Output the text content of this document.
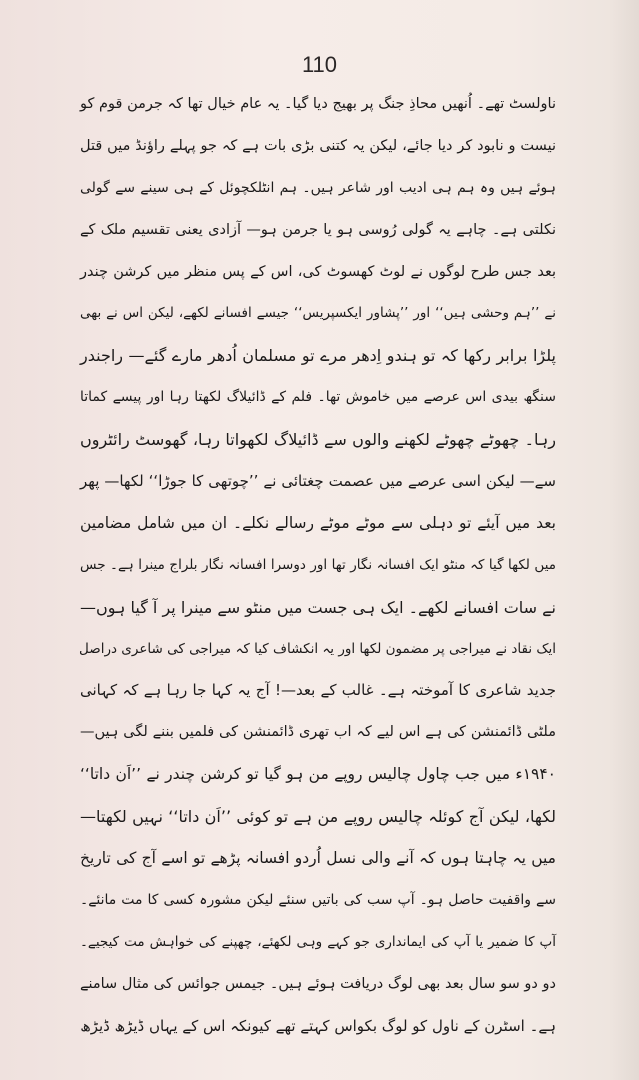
110
ناولسٹ تھے۔ اُنھیں محاذِ جنگ پر بھیج دیا گیا۔ یہ عام خیال تھا کہ جرمن قوم کو
نیست و نابود کر دیا جائے، لیکن یہ کتنی بڑی بات ہے کہ جو پہلے راؤنڈ میں قتل
ہوئے ہیں وہ ہم ہی ادیب اور شاعر ہیں۔ ہم انٹلکچوئل کے ہی سینے سے گولی
نکلتی ہے۔ چاہے یہ گولی رُوسی ہو یا جرمن ہو— آزادی یعنی تقسیم ملک کے
بعد جس طرح لوگوں نے لوٹ کھسوٹ کی، اس کے پس منظر میں کرشن چندر
نے ’’ہم وحشی ہیں‘‘ اور ’’پشاور ایکسپریس‘‘ جیسے افسانے لکھے، لیکن اس نے بھی
پلڑا برابر رکھا کہ تو ہندو اِدھر مرے تو مسلمان اُدھر مارے گئے— راجندر
سنگھ بیدی اس عرصے میں خاموش تھا۔ فلم کے ڈائیلاگ لکھتا رہا اور پیسے کماتا
رہا۔ چھوٹے چھوٹے لکھنے والوں سے ڈائیلاگ لکھواتا رہا، گھوسٹ رائٹروں
سے— لیکن اسی عرصے میں عصمت چغتائی نے ’’چوتھی کا جوڑا‘‘ لکھا— پھر
بعد میں آیئے تو دہلی سے موٹے موٹے رسالے نکلے۔ ان میں شامل مضامین
میں لکھا گیا کہ منٹو ایک افسانہ نگار تھا اور دوسرا افسانہ نگار بلراج مینرا ہے۔ جس
نے سات افسانے لکھے۔ ایک ہی جست میں منٹو سے مینرا پر آ گیا ہوں—
ایک نقاد نے میراجی پر مضمون لکھا اور یہ انکشاف کیا کہ میراجی کی شاعری دراصل
جدید شاعری کا آموختہ ہے۔ غالب کے بعد—! آج یہ کہا جا رہا ہے کہ کہانی
ملٹی ڈائمنشن کی ہے اس لیے کہ اب تھری ڈائمنشن کی فلمیں بننے لگی ہیں—
۱۹۴۰ء میں جب چاول چالیس روپے من ہو گیا تو کرشن چندر نے ’’اَن داتا‘‘
لکھا، لیکن آج کوئلہ چالیس روپے من ہے تو کوئی ’’اَن داتا‘‘ نہیں لکھتا—
میں یہ چاہتا ہوں کہ آنے والی نسل اُردو افسانہ پڑھے تو اسے آج کی تاریخ
سے واقفیت حاصل ہو۔ آپ سب کی باتیں سنئے لیکن مشورہ کسی کا مت مانئے۔
آپ کا ضمیر یا آپ کی ایمانداری جو کہے وہی لکھئے، چھپنے کی خواہش مت کیجیے۔
دو دو سو سال بعد بھی لوگ دریافت ہوئے ہیں۔ جیمس جوائس کی مثال سامنے
ہے۔ اسٹرن کے ناول کو لوگ بکواس کہتے تھے کیونکہ اس کے یہاں ڈیڑھ ڈیڑھ
